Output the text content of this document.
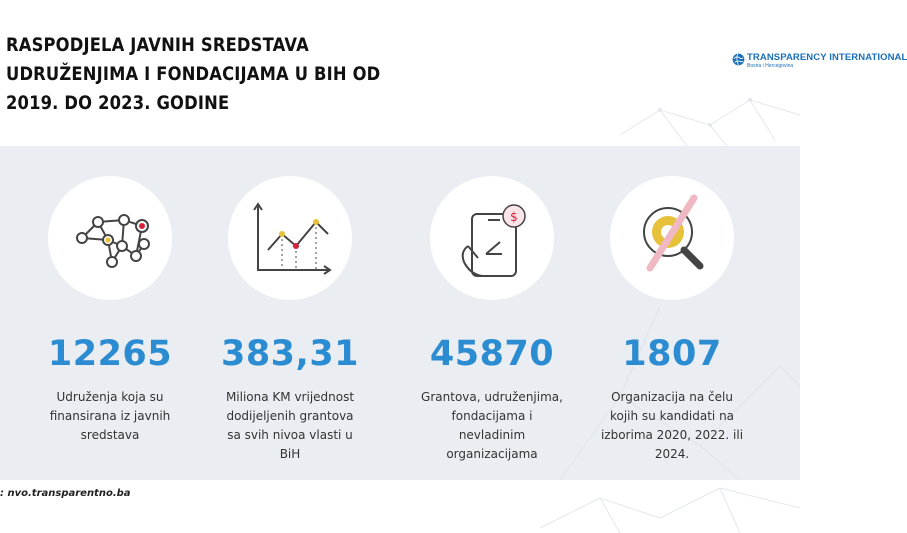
RASPODJELA JAVNIH SREDSTAVA
UDRUŽENJIMA I FONDACIJAMA U BIH OD
2019. DO 2023. GODINE
TRANSPARENCY INTERNATIONAL
Bosna i Hercegovina
12265
Udruženja koja su
finansirana iz javnih
sredstava
383,31
Miliona KM vrijednost
dodijeljenih grantova
sa svih nivoa vlasti u
BiH
$
45870
Grantova, udruženjima,
fondacijama i
nevladinim
organizacijama
1807
Organizacija na čelu
kojih su kandidati na
izborima 2020, 2022. ili
2024.
: nvo.transparentno.ba
